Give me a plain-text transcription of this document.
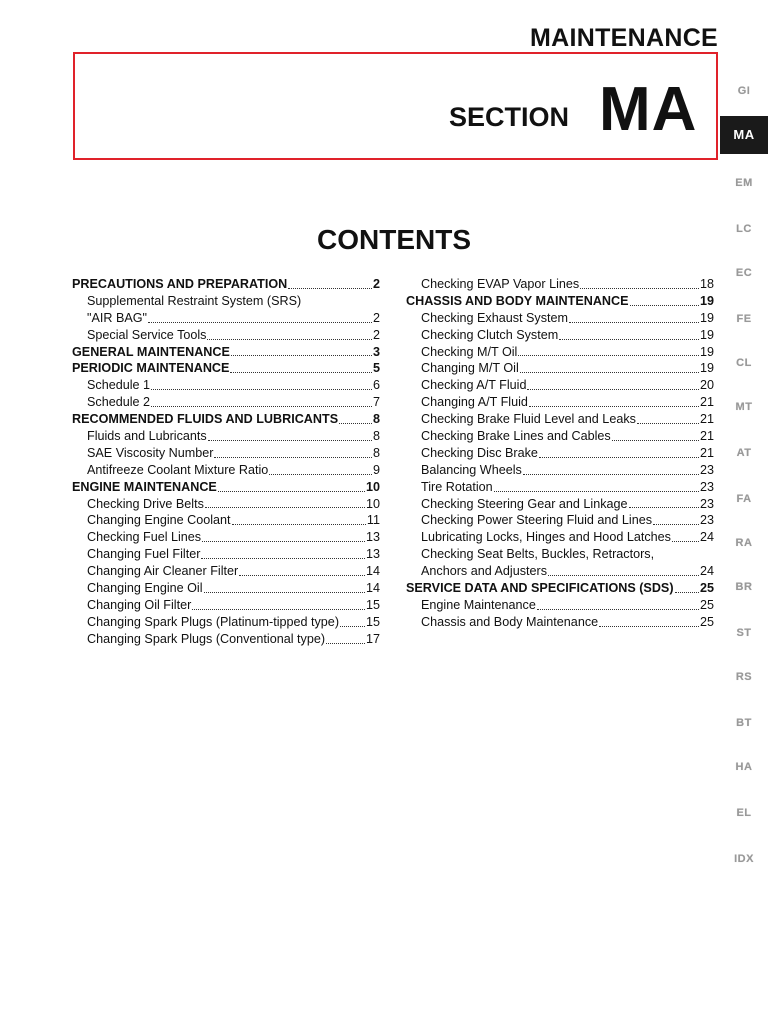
MAINTENANCE
SECTION MA
CONTENTS
PRECAUTIONS AND PREPARATION	2
Supplemental Restraint System (SRS)
"AIR BAG"	2
Special Service Tools	2
GENERAL MAINTENANCE	3
PERIODIC MAINTENANCE	5
Schedule 1	6
Schedule 2	7
RECOMMENDED FLUIDS AND LUBRICANTS	8
Fluids and Lubricants	8
SAE Viscosity Number	8
Antifreeze Coolant Mixture Ratio	9
ENGINE MAINTENANCE	10
Checking Drive Belts	10
Changing Engine Coolant	11
Checking Fuel Lines	13
Changing Fuel Filter	13
Changing Air Cleaner Filter	14
Changing Engine Oil	14
Changing Oil Filter	15
Changing Spark Plugs (Platinum-tipped type) 15
Changing Spark Plugs (Conventional type)	17
Checking EVAP Vapor Lines	18
CHASSIS AND BODY MAINTENANCE	19
Checking Exhaust System	19
Checking Clutch System	19
Checking M/T Oil	19
Changing M/T Oil	19
Checking A/T Fluid	20
Changing A/T Fluid	21
Checking Brake Fluid Level and Leaks	21
Checking Brake Lines and Cables	21
Checking Disc Brake	21
Balancing Wheels	23
Tire Rotation	23
Checking Steering Gear and Linkage	23
Checking Power Steering Fluid and Lines	23
Lubricating Locks, Hinges and Hood Latches 24
Checking Seat Belts, Buckles, Retractors,
Anchors and Adjusters	24
SERVICE DATA AND SPECIFICATIONS (SDS) 25
Engine Maintenance	25
Chassis and Body Maintenance	25
GI
MA
EM
LC
EC
FE
CL
MT
AT
FA
RA
BR
ST
RS
BT
HA
EL
IDX
